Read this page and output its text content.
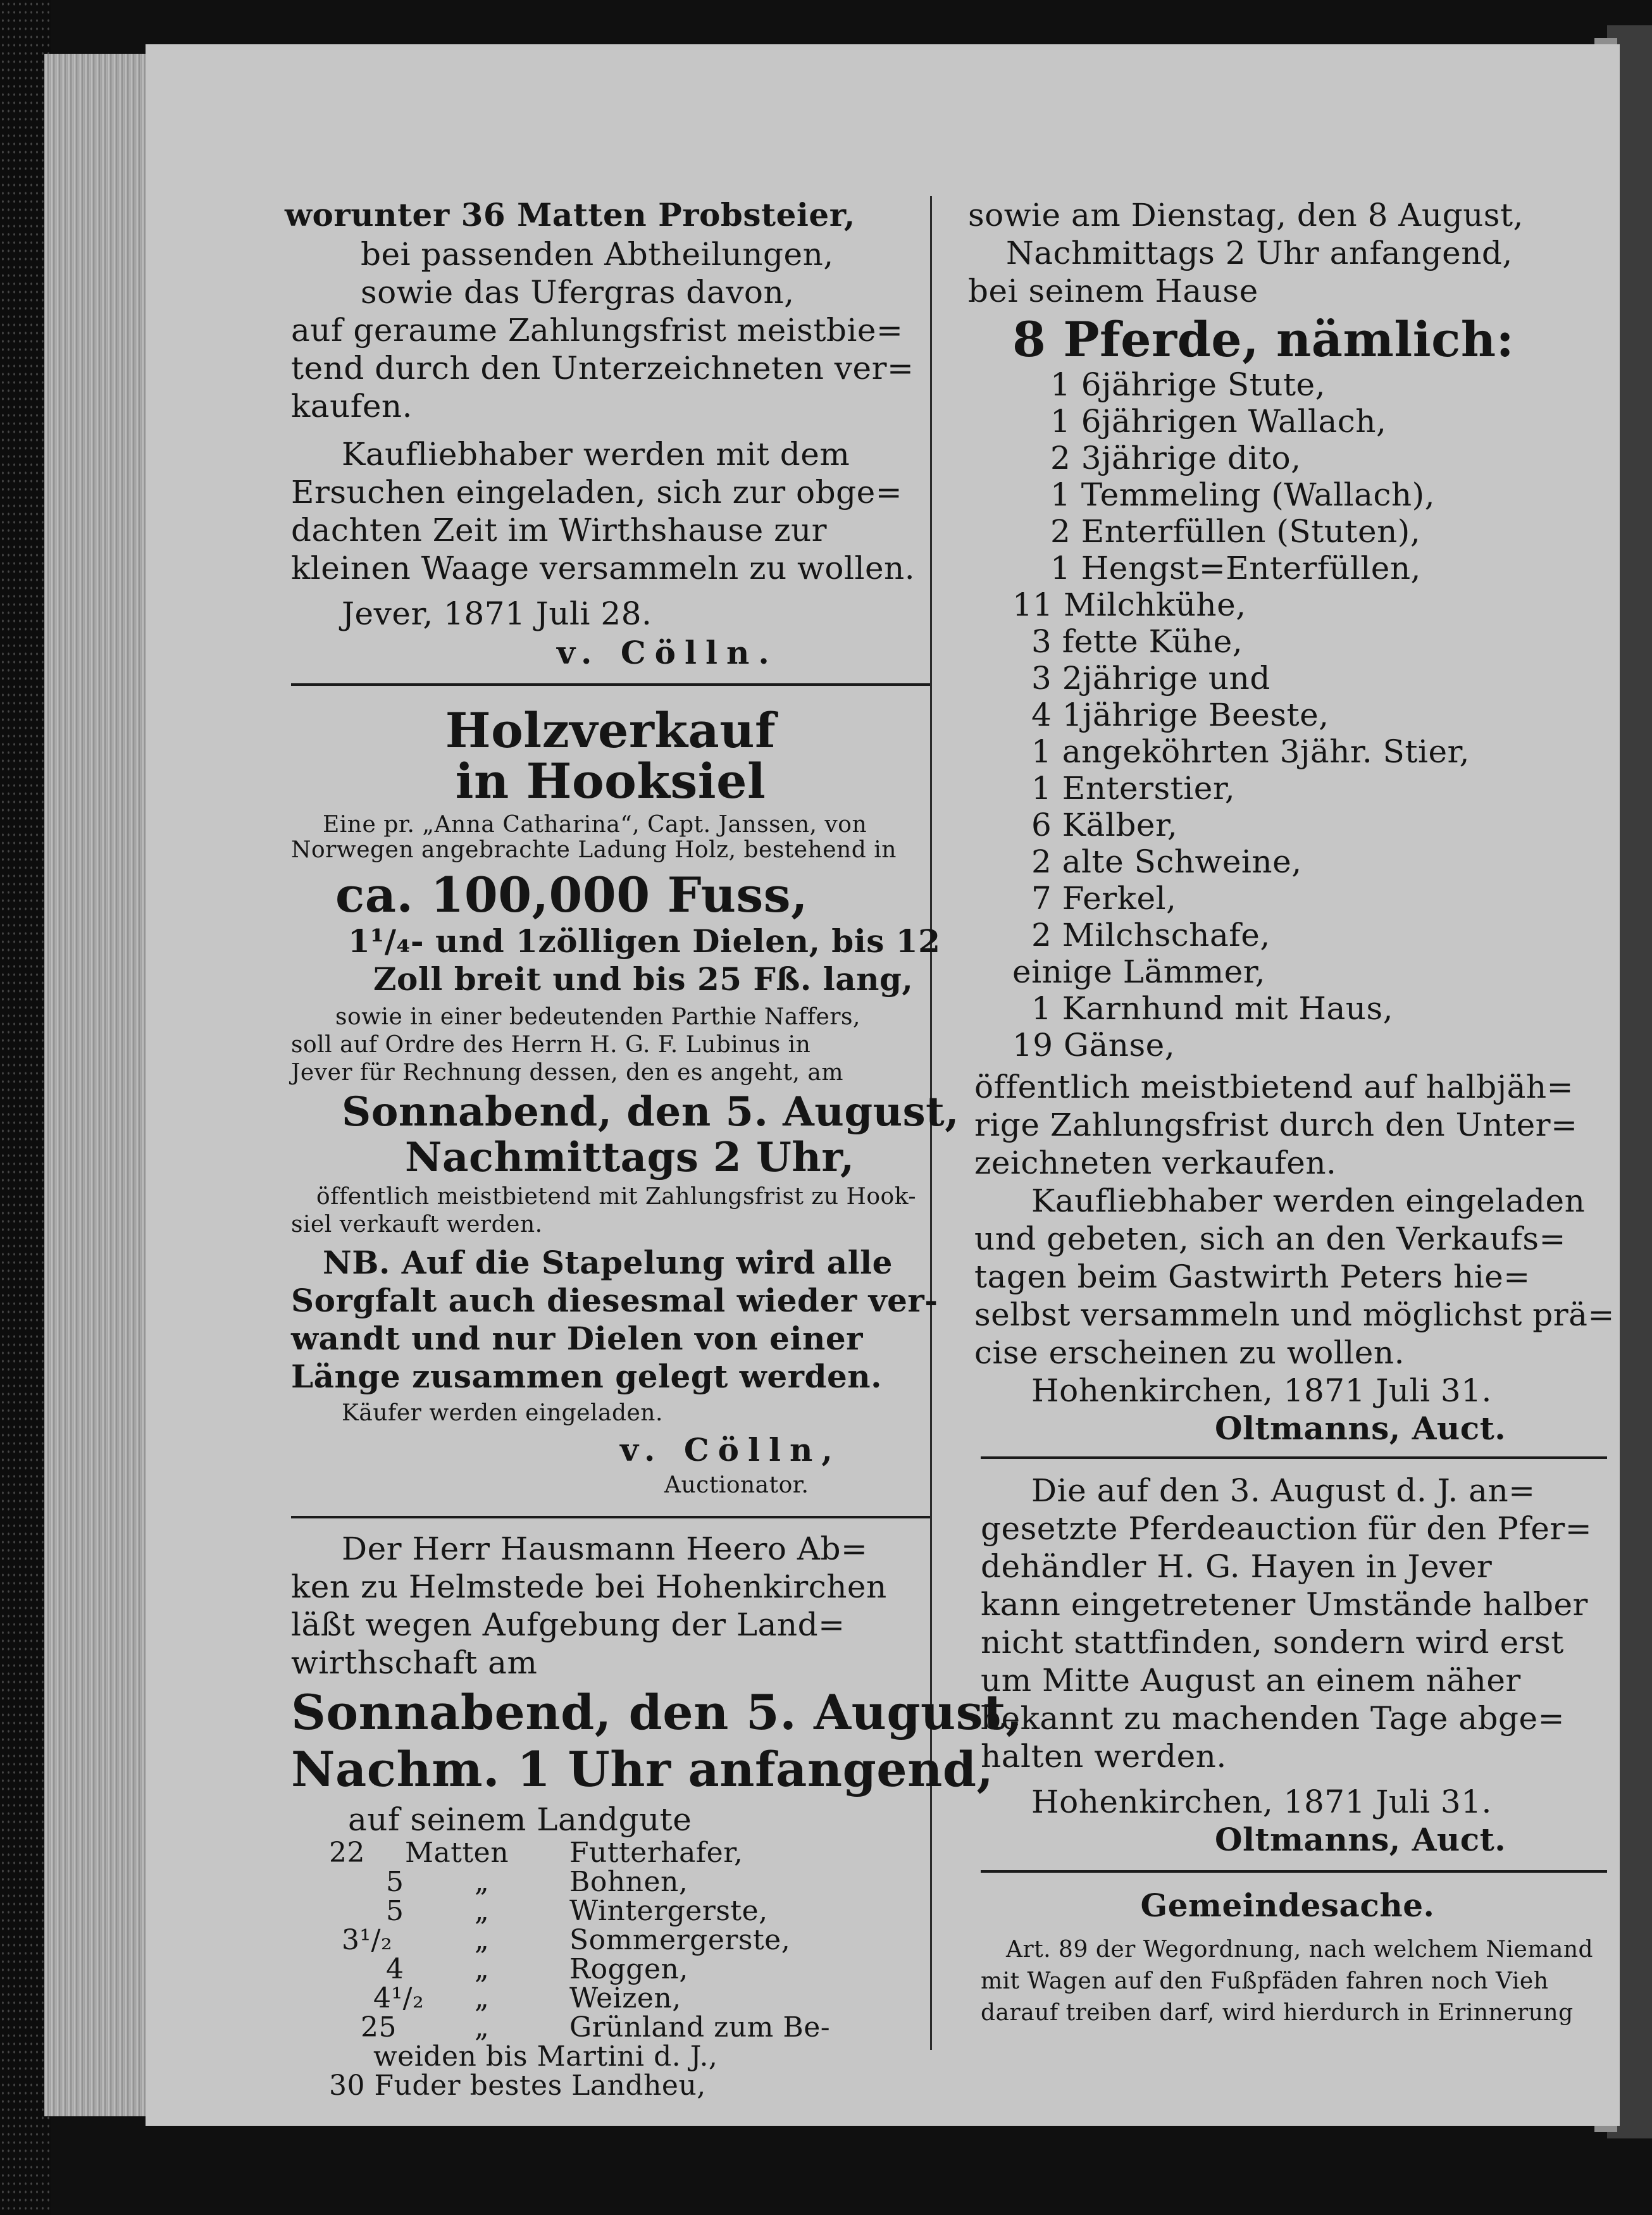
worunter 36 Matten Probsteier,
bei passenden Abtheilungen,
sowie das Ufergras davon,
auf geraume Zahlungsfrist meistbie=
tend durch den Unterzeichneten ver=
kaufen.
Kaufliebhaber werden mit dem
Ersuchen eingeladen, sich zur obge=
dachten Zeit im Wirthshause zur
kleinen Waage versammeln zu wollen.
Jever, 1871 Juli 28.
v. Cölln.
Holzverkauf
in Hooksiel
Eine pr. „Anna Catharina“, Capt. Janssen, von
Norwegen angebrachte Ladung Holz, bestehend in
ca. 100,000 Fuss,
1¹/₄- und 1zölligen Dielen, bis 12
Zoll breit und bis 25 Fß. lang,
sowie in einer bedeutenden Parthie Naffers,
soll auf Ordre des Herrn H. G. F. Lubinus in
Jever für Rechnung dessen, den es angeht, am
Sonnabend, den 5. August,
Nachmittags 2 Uhr,
öffentlich meistbietend mit Zahlungsfrist zu Hook-
siel verkauft werden.
NB. Auf die Stapelung wird alle
Sorgfalt auch diesesmal wieder ver-
wandt und nur Dielen von einer
Länge zusammen gelegt werden.
Käufer werden eingeladen.
v. Cölln,
Auctionator.
Der Herr Hausmann Heero Ab=
ken zu Helmstede bei Hohenkirchen
läßt wegen Aufgebung der Land=
wirthschaft am
Sonnabend, den 5. August,
Nachm. 1 Uhr anfangend,
auf seinem Landgute
22 Matten Futterhafer,
5	„	Bohnen,
5	„	Wintergerste,
3¹/₂	„	Sommergerste,
4	„	Roggen,
4¹/₂ „	Weizen,
25	„	Grünland zum Be-
weiden bis Martini d. J.,
30 Fuder bestes Landheu,
sowie am Dienstag, den 8 August,
Nachmittags 2 Uhr anfangend,
bei seinem Hause
8 Pferde, nämlich:
1 6jährige Stute,
1 6jährigen Wallach,
2 3jährige dito,
1 Temmeling (Wallach),
2 Enterfüllen (Stuten),
1 Hengst=Enterfüllen,
11 Milchkühe,
3 fette Kühe,
3 2jährige und
4 1jährige Beeste,
1 angeköhrten 3jähr. Stier,
1 Enterstier,
6 Kälber,
2 alte Schweine,
7 Ferkel,
2 Milchschafe,
einige Lämmer,
1 Karnhund mit Haus,
19 Gänse,
öffentlich meistbietend auf halbjäh=
rige Zahlungsfrist durch den Unter=
zeichneten verkaufen.
Kaufliebhaber werden eingeladen
und gebeten, sich an den Verkaufs=
tagen beim Gastwirth Peters hie=
selbst versammeln und möglichst prä=
cise erscheinen zu wollen.
Hohenkirchen, 1871 Juli 31.
Oltmanns, Auct.
Die auf den 3. August d. J. an=
gesetzte Pferdeauction für den Pfer=
dehändler H. G. Hayen in Jever
kann eingetretener Umstände halber
nicht stattfinden, sondern wird erst
um Mitte August an einem näher
bekannt zu machenden Tage abge=
halten werden.
Hohenkirchen, 1871 Juli 31.
Oltmanns, Auct.
Gemeindesache.
Art. 89 der Wegordnung, nach welchem Niemand
mit Wagen auf den Fußpfäden fahren noch Vieh
darauf treiben darf, wird hierdurch in Erinnerung
